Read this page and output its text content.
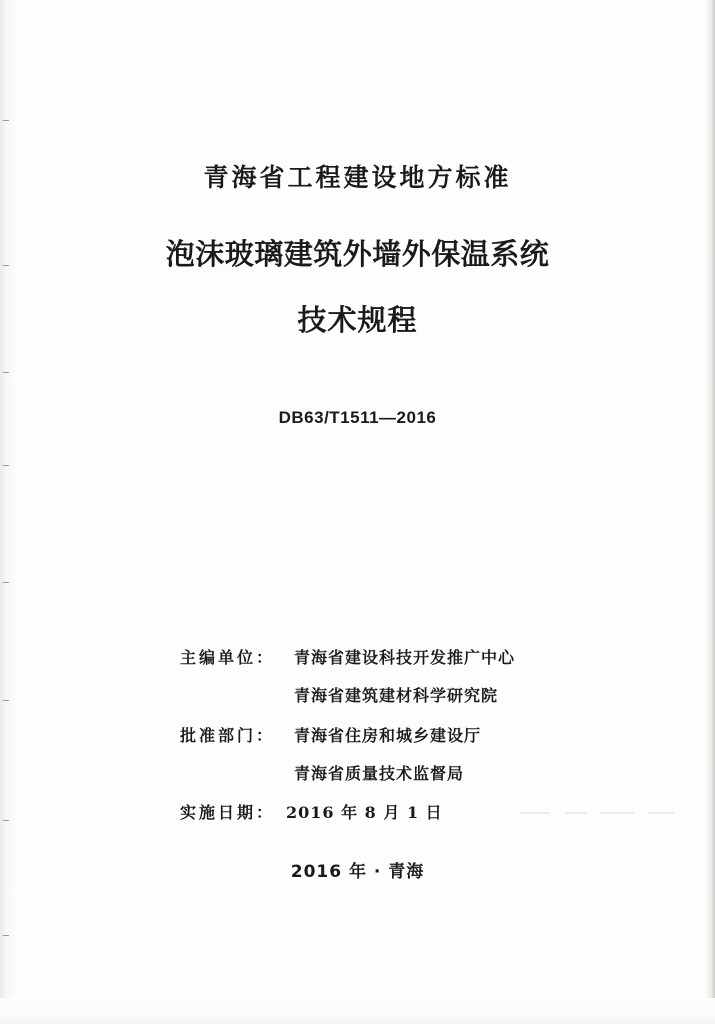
青海省工程建设地方标准
泡沫玻璃建筑外墙外保温系统
技术规程
DB63/T1511—2016
主编单位：	青海省建设科技开发推广中心
青海省建筑建材科学研究院
批准部门：	青海省住房和城乡建设厅
青海省质量技术监督局
实施日期： 2016 年 8 月 1 日
2016 年 · 青海
